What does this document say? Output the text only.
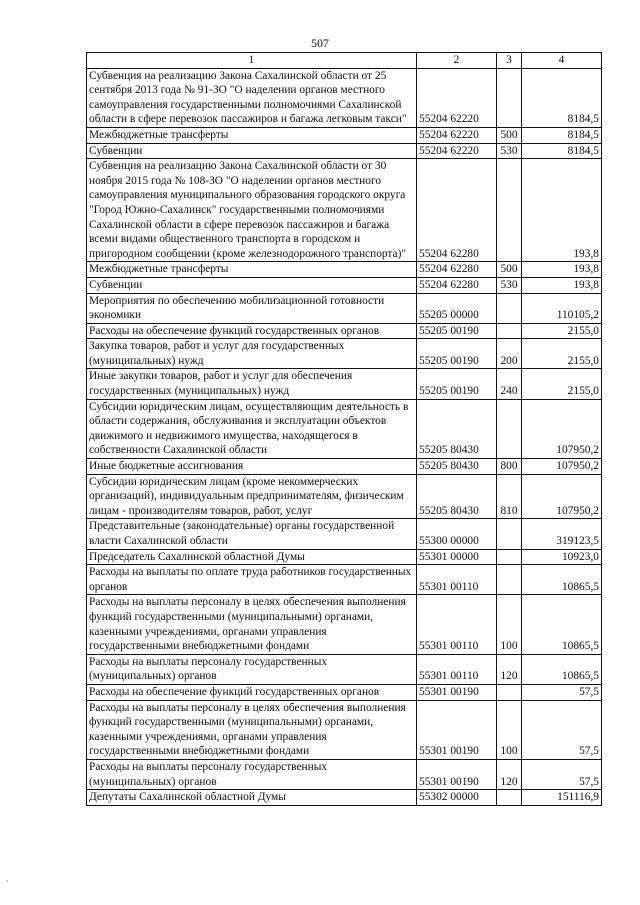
507
1	2	3	4
Субвенция на реализацию Закона Сахалинской области от 25 сентября 2013 года № 91-ЗО "О наделении органов местного самоуправления государственными полномочиями Сахалинской области в сфере перевозок пассажиров и багажа легковым такси"	55204 62220		8184,5
Межбюджетные трансферты	55204 62220	500	8184,5
Субвенции	55204 62220	530	8184,5
Субвенция на реализацию Закона Сахалинской области от 30 ноября 2015 года № 108-ЗО "О наделении органов местного самоуправления муниципального образования городского округа "Город Южно-Сахалинск" государственными полномочиями Сахалинской области в сфере перевозок пассажиров и багажа всеми видами общественного транспорта в городском и пригородном сообщении (кроме железнодорожного транспорта)"	55204 62280		193,8
Межбюджетные трансферты	55204 62280	500	193,8
Субвенции	55204 62280	530	193,8
Мероприятия по обеспечению мобилизационной готовности экономики	55205 00000		110105,2
Расходы на обеспечение функций государственных органов	55205 00190		2155,0
Закупка товаров, работ и услуг для государственных (муниципальных) нужд	55205 00190	200	2155,0
Иные закупки товаров, работ и услуг для обеспечения государственных (муниципальных) нужд	55205 00190	240	2155,0
Субсидии юридическим лицам, осуществляющим деятельность в области содержания, обслуживания и эксплуатации объектов движимого и недвижимого имущества, находящегося в собственности Сахалинской области	55205 80430		107950,2
Иные бюджетные ассигнования	55205 80430	800	107950,2
Субсидии юридическим лицам (кроме некоммерческих организаций), индивидуальным предпринимателям, физическим лицам - производителям товаров, работ, услуг	55205 80430	810	107950,2
Представительные (законодательные) органы государственной власти Сахалинской области	55300 00000		319123,5
Председатель Сахалинской областной Думы	55301 00000		10923,0
Расходы на выплаты по оплате труда работников государственных органов	55301 00110		10865,5
Расходы на выплаты персоналу в целях обеспечения выполнения функций государственными (муниципальными) органами, казенными учреждениями, органами управления государственными внебюджетными фондами	55301 00110	100	10865,5
Расходы на выплаты персоналу государственных (муниципальных) органов	55301 00110	120	10865,5
Расходы на обеспечение функций государственных органов	55301 00190		57,5
Расходы на выплаты персоналу в целях обеспечения выполнения функций государственными (муниципальными) органами, казенными учреждениями, органами управления государственными внебюджетными фондами	55301 00190	100	57,5
Расходы на выплаты персоналу государственных (муниципальных) органов	55301 00190	120	57,5
Депутаты Сахалинской областной Думы	55302 00000		151116,9
·
